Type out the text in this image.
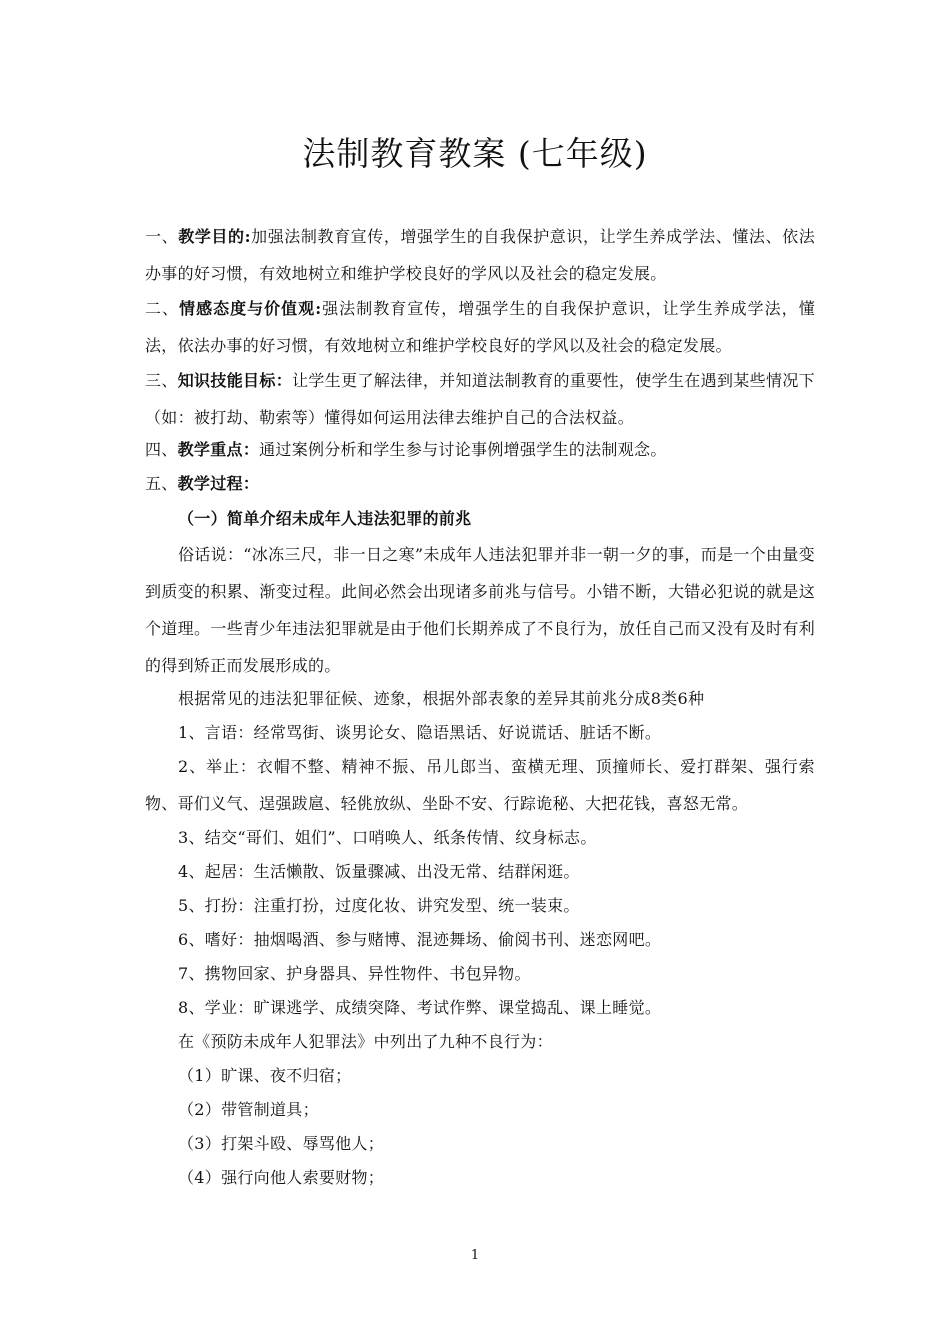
法制教育教案 (七年级)
一、教学目的:加强法制教育宣传，增强学生的自我保护意识，让学生养成学法、懂法、依法办事的好习惯，有效地树立和维护学校良好的学风以及社会的稳定发展。
二、情感态度与价值观:强法制教育宣传，增强学生的自我保护意识，让学生养成学法，懂法，依法办事的好习惯，有效地树立和维护学校良好的学风以及社会的稳定发展。
三、知识技能目标：让学生更了解法律，并知道法制教育的重要性，使学生在遇到某些情况下（如：被打劫、勒索等）懂得如何运用法律去维护自己的合法权益。
四、教学重点：通过案例分析和学生参与讨论事例增强学生的法制观念。
五、教学过程：
（一）简单介绍未成年人违法犯罪的前兆
俗话说：“冰冻三尺，非一日之寒”未成年人违法犯罪并非一朝一夕的事，而是一个由量变到质变的积累、渐变过程。此间必然会出现诸多前兆与信号。小错不断，大错必犯说的就是这个道理。一些青少年违法犯罪就是由于他们长期养成了不良行为，放任自己而又没有及时有利的得到矫正而发展形成的。
根据常见的违法犯罪征候、迹象，根据外部表象的差异其前兆分成8类6种
1、言语：经常骂街、谈男论女、隐语黑话、好说谎话、脏话不断。
2、举止：衣帽不整、精神不振、吊儿郎当、蛮横无理、顶撞师长、爱打群架、强行索物、哥们义气、逞强跋扈、轻佻放纵、坐卧不安、行踪诡秘、大把花钱，喜怒无常。
3、结交“哥们、姐们”、口哨唤人、纸条传情、纹身标志。
4、起居：生活懒散、饭量骤减、出没无常、结群闲逛。
5、打扮：注重打扮，过度化妆、讲究发型、统一装束。
6、嗜好：抽烟喝酒、参与赌博、混迹舞场、偷阅书刊、迷恋网吧。
7、携物回家、护身器具、异性物件、书包异物。
8、学业：旷课逃学、成绩突降、考试作弊、课堂捣乱、课上睡觉。
在《预防未成年人犯罪法》中列出了九种不良行为：
（1）旷课、夜不归宿；
（2）带管制道具；
（3）打架斗殴、辱骂他人；
（4）强行向他人索要财物；
1
